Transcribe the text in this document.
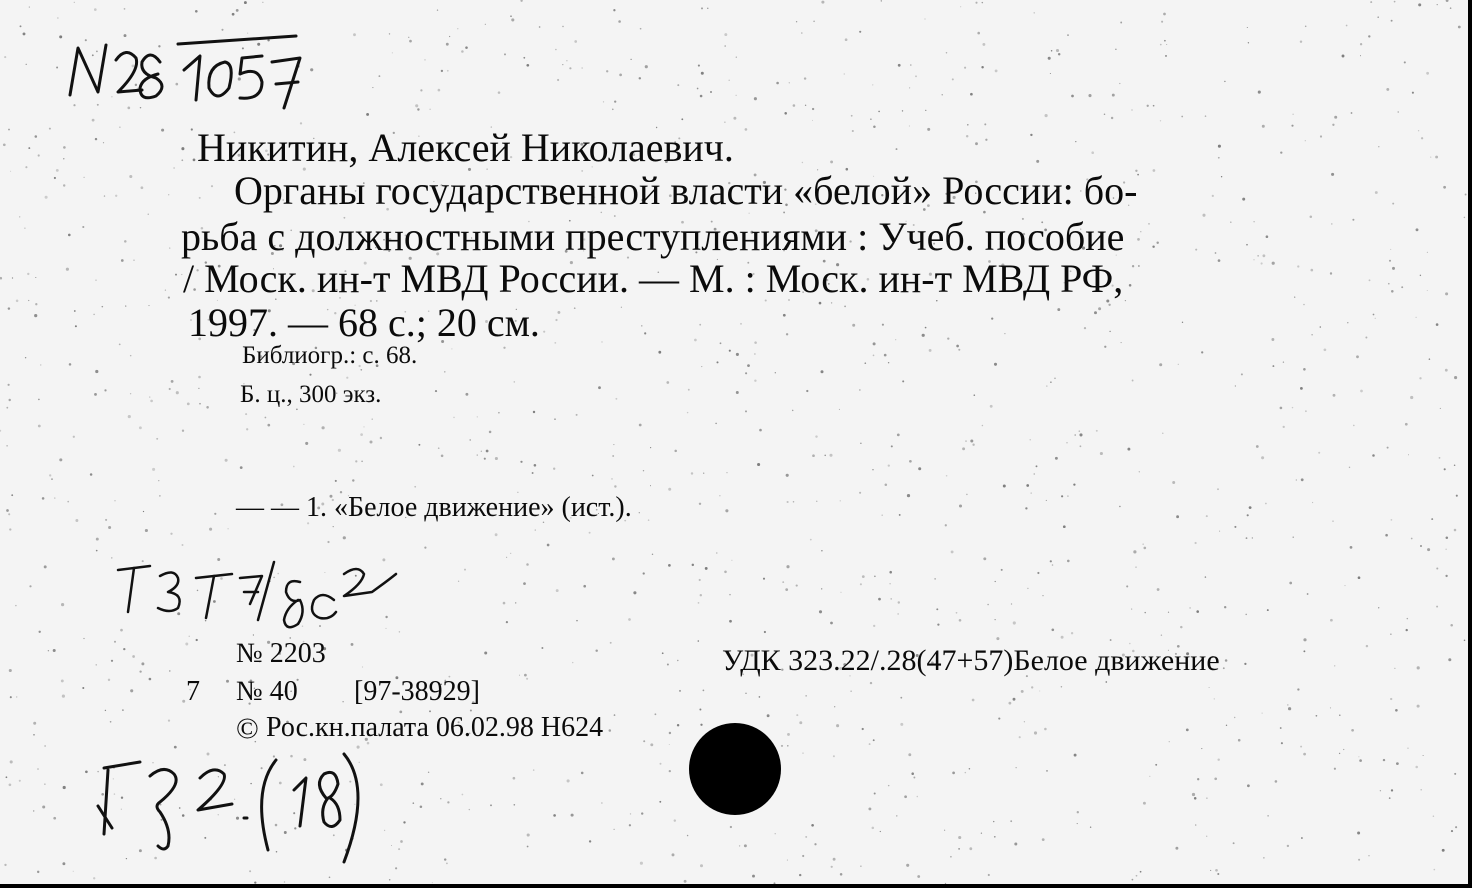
Никитин, Алексей Николаевич.
Органы государственной власти «белой» России: бо-
рьба с должностными преступлениями : Учеб. пособие
/ Моск. ин-т МВД России. — М. : Моск. ин-т МВД РФ,
1997. — 68 с.; 20 см.
Библиогр.: с. 68.
Б. ц., 300 экз.
— — 1. «Белое движение» (ист.).
№ 2203	УДК 323.22/.28(47+57)Белое движение
7 № 40 [97-38929]
© Рос.кн.палата 06.02.98 Н624
